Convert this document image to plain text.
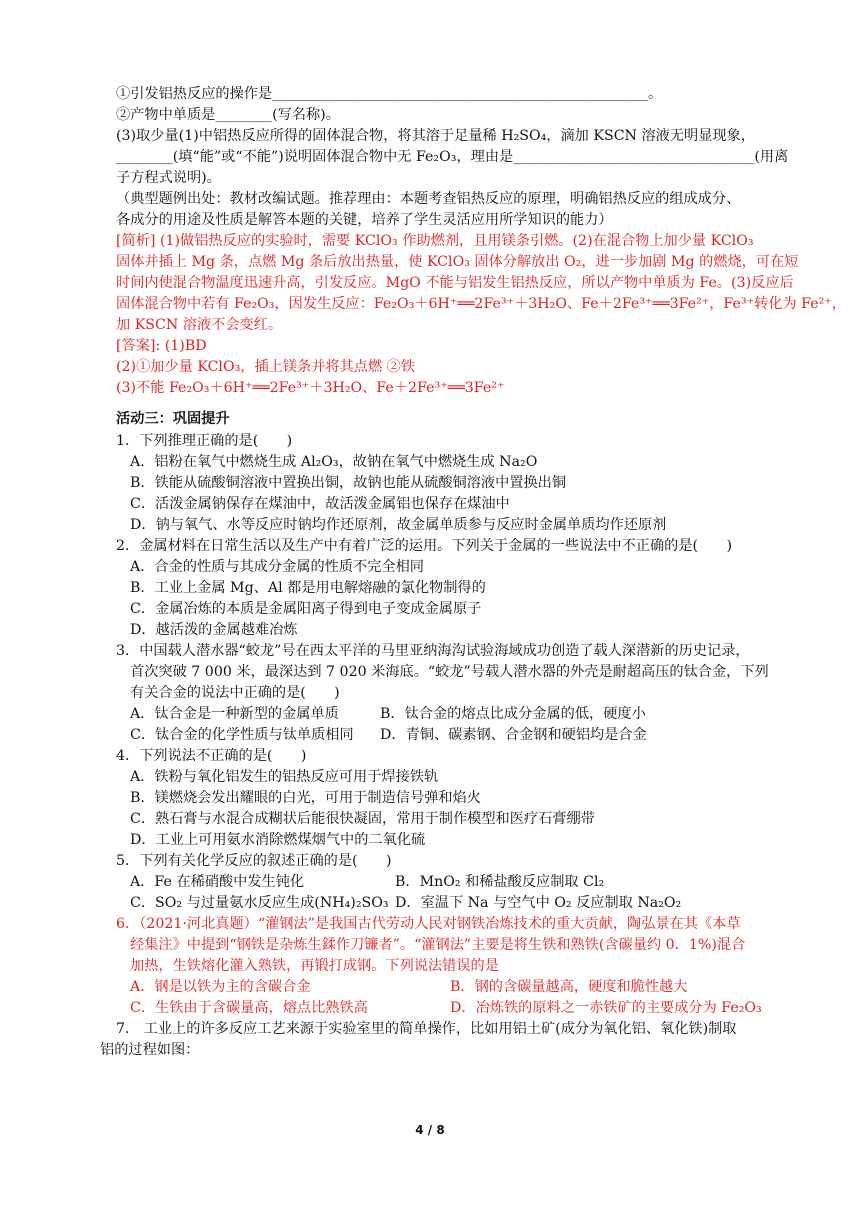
①引发铝热反应的操作是_____________________________________________________。
②产物中单质是________(写名称)。
(3)取少量(1)中铝热反应所得的固体混合物，将其溶于足量稀 H₂SO₄，滴加 KSCN 溶液无明显现象，
________(填“能”或“不能”)说明固体混合物中无 Fe₂O₃，理由是__________________________________(用离
子方程式说明)。
（典型题例出处：教材改编试题。推荐理由：本题考查铝热反应的原理，明确铝热反应的组成成分、
各成分的用途及性质是解答本题的关键，培养了学生灵活应用所学知识的能力）
[简析] (1)做铝热反应的实验时，需要 KClO₃ 作助燃剂，且用镁条引燃。(2)在混合物上加少量 KClO₃
固体并插上 Mg 条，点燃 Mg 条后放出热量，使 KClO₃ 固体分解放出 O₂，进一步加剧 Mg 的燃烧，可在短
时间内使混合物温度迅速升高，引发反应。MgO 不能与铝发生铝热反应，所以产物中单质为 Fe。(3)反应后
固体混合物中若有 Fe₂O₃，因发生反应：Fe₂O₃＋6H⁺══2Fe³⁺＋3H₂O、Fe＋2Fe³⁺══3Fe²⁺，Fe³⁺转化为 Fe²⁺，
加 KSCN 溶液不会变红。
[答案]: (1)BD
(2)①加少量 KClO₃，插上镁条并将其点燃 ②铁
(3)不能 Fe₂O₃＋6H⁺══2Fe³⁺＋3H₂O、Fe＋2Fe³⁺══3Fe²⁺
活动三：巩固提升
1．下列推理正确的是(　　)
A．铝粉在氧气中燃烧生成 Al₂O₃，故钠在氧气中燃烧生成 Na₂O
B．铁能从硫酸铜溶液中置换出铜，故钠也能从硫酸铜溶液中置换出铜
C．活泼金属钠保存在煤油中，故活泼金属铝也保存在煤油中
D．钠与氧气、水等反应时钠均作还原剂，故金属单质参与反应时金属单质均作还原剂
2．金属材料在日常生活以及生产中有着广泛的运用。下列关于金属的一些说法中不正确的是(　　)
A．合金的性质与其成分金属的性质不完全相同
B．工业上金属 Mg、Al 都是用电解熔融的氯化物制得的
C．金属冶炼的本质是金属阳离子得到电子变成金属原子
D．越活泼的金属越难冶炼
3．中国载人潜水器“蛟龙”号在西太平洋的马里亚纳海沟试验海域成功创造了载人深潜新的历史记录，
首次突破 7 000 米，最深达到 7 020 米海底。“蛟龙”号载人潜水器的外壳是耐超高压的钛合金，下列
有关合金的说法中正确的是(　　)
A．钛合金是一种新型的金属单质	B．钛合金的熔点比成分金属的低，硬度小
C．钛合金的化学性质与钛单质相同 D．青铜、碳素钢、合金钢和硬铝均是合金
4．下列说法不正确的是(　　)
A．铁粉与氧化铝发生的铝热反应可用于焊接铁轨
B．镁燃烧会发出耀眼的白光，可用于制造信号弹和焰火
C．熟石膏与水混合成糊状后能很快凝固，常用于制作模型和医疗石膏绷带
D．工业上可用氨水消除燃煤烟气中的二氧化硫
5．下列有关化学反应的叙述正确的是(　　)
A．Fe 在稀硝酸中发生钝化	B．MnO₂ 和稀盐酸反应制取 Cl₂
C．SO₂ 与过量氨水反应生成(NH₄)₂SO₃ D．室温下 Na 与空气中 O₂ 反应制取 Na₂O₂
6．（2021·河北真题）“灌钢法”是我国古代劳动人民对钢铁冶炼技术的重大贡献，陶弘景在其《本草
经集注》中提到“钢铁是杂炼生鍒作刀镰者”。“灌钢法”主要是将生铁和熟铁(含碳量约 0．1%)混合
加热，生铁熔化灌入熟铁，再锻打成钢。下列说法错误的是
A．钢是以铁为主的含碳合金	B．钢的含碳量越高，硬度和脆性越大
C．生铁由于含碳量高，熔点比熟铁高	D．冶炼铁的原料之一赤铁矿的主要成分为 Fe₂O₃
7． 工业上的许多反应工艺来源于实验室里的简单操作，比如用铝土矿(成分为氧化铝、氧化铁)制取
铝的过程如图：
4 / 8
